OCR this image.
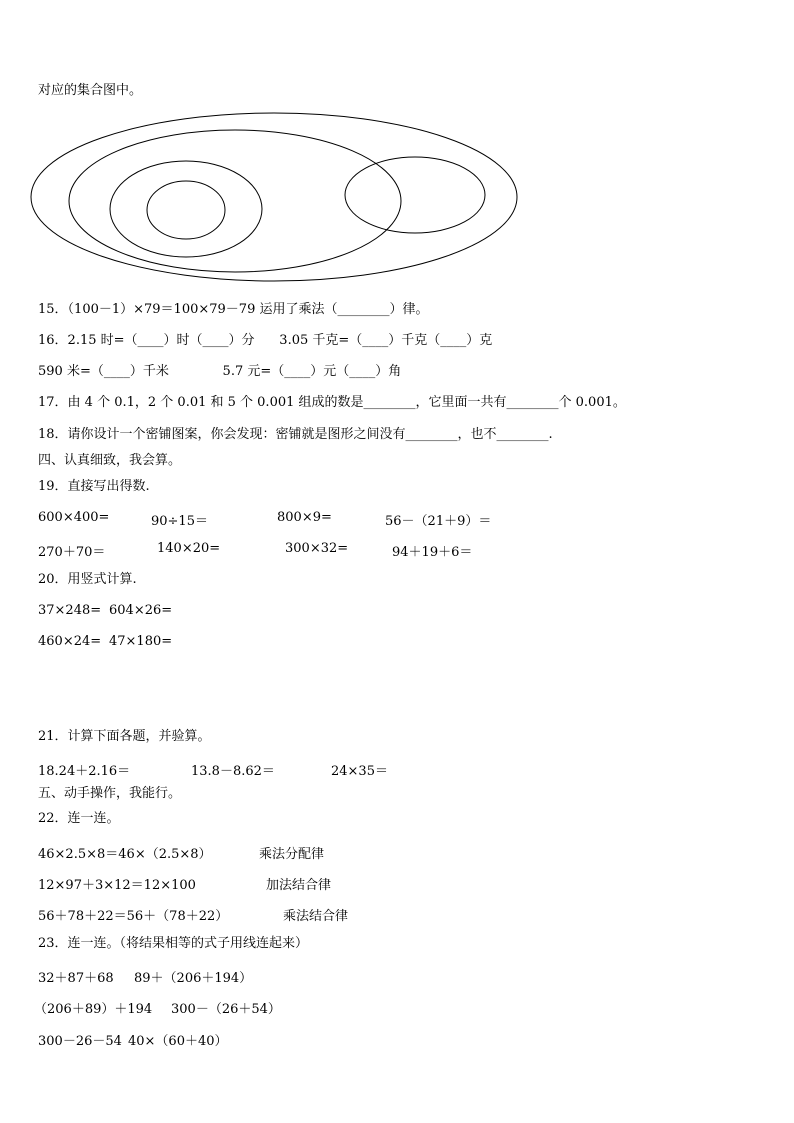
对应的集合图中。
15．（100－1）×79＝100×79－79 运用了乘法（________）律。
16．2.15 时=（____）时（____）分      3.05 千克=（____）千克（____）克
590 米=（____）千米             5.7 元=（____）元（____）角
17．由 4 个 0.1，2 个 0.01 和 5 个 0.001 组成的数是________，它里面一共有________个 0.001。
18．请你设计一个密铺图案，你会发现：密铺就是图形之间没有________，也不________.
四、认真细致，我会算。
19．直接写出得数.
600×400=	90÷15＝	800×9=	56－（21＋9）＝
270＋70＝	140×20=	300×32=	94＋19＋6＝
20．用竖式计算.
37×248= 604×26=
460×24= 47×180=
21．计算下面各题，并验算。
18.24＋2.16＝	13.8－8.62＝	24×35＝
五、动手操作，我能行。
22．连一连。
46×2.5×8＝46×（2.5×8）	乘法分配律
12×97＋3×12＝12×100	加法结合律
56＋78＋22＝56＋（78＋22）	乘法结合律
23．连一连。（将结果相等的式子用线连起来）
32＋87＋68 89＋（206＋194）
（206＋89）＋194 300－（26＋54）
300－26－54 40×（60＋40）
